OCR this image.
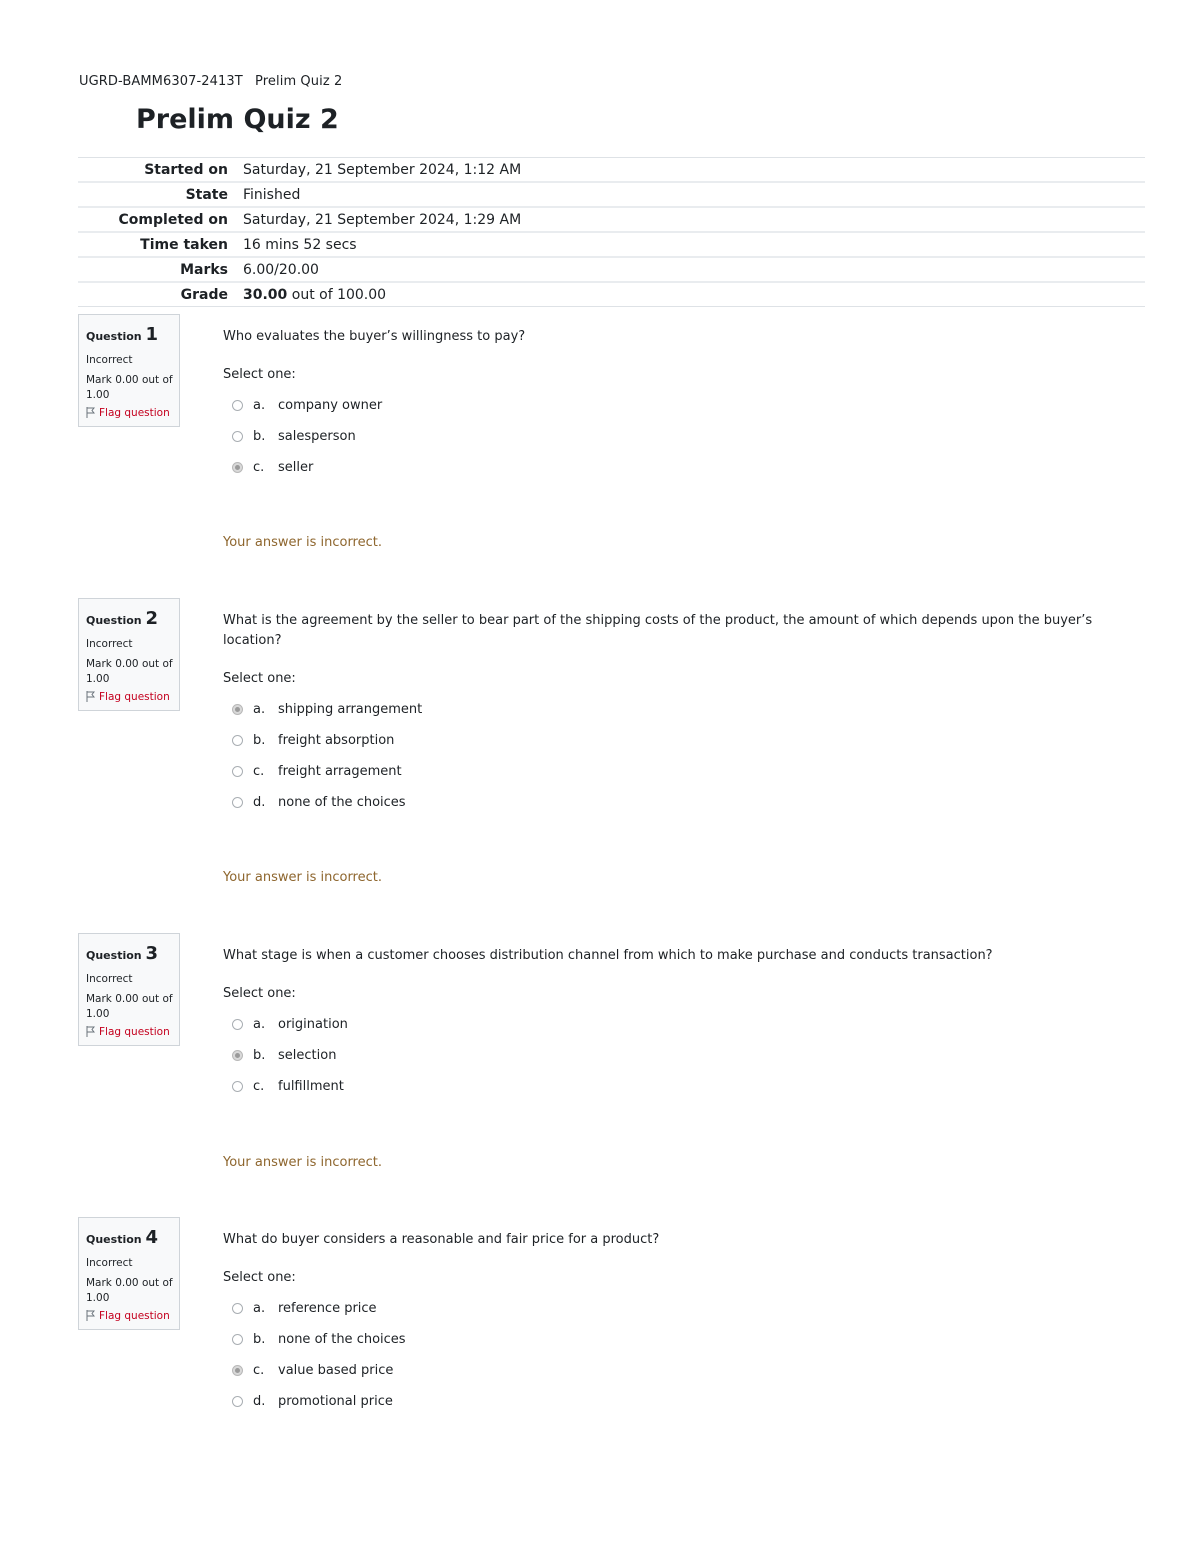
UGRD-BAMM6307-2413T Prelim Quiz 2
Prelim Quiz 2
Started on	Saturday, 21 September 2024, 1:12 AM
State	Finished
Completed on	Saturday, 21 September 2024, 1:29 AM
Time taken	16 mins 52 secs
Marks	6.00/20.00
Grade	30.00 out of 100.00
Question 1
Incorrect
Mark 0.00 out of 1.00
Flag question

Who evaluates the buyer’s willingness to pay?

Select one:
a. company owner
b. salesperson
c.	seller
Your answer is incorrect.
Question 2
Incorrect
Mark 0.00 out of 1.00
Flag question

What is the agreement by the seller to bear part of the shipping costs of the product, the amount of which depends upon the buyer’s location?

Select one:
a. shipping arrangement
b. freight absorption
c.	freight arragement
d. none of the choices
Your answer is incorrect.
Question 3
Incorrect
Mark 0.00 out of 1.00
Flag question

What stage is when a customer chooses distribution channel from which to make purchase and conducts transaction?

Select one:
a. origination
b. selection
c.	fulfillment
Your answer is incorrect.
Question 4
Incorrect
Mark 0.00 out of 1.00
Flag question

What do buyer considers a reasonable and fair price for a product?

Select one:
a. reference price
b. none of the choices
c.	value based price
d. promotional price
